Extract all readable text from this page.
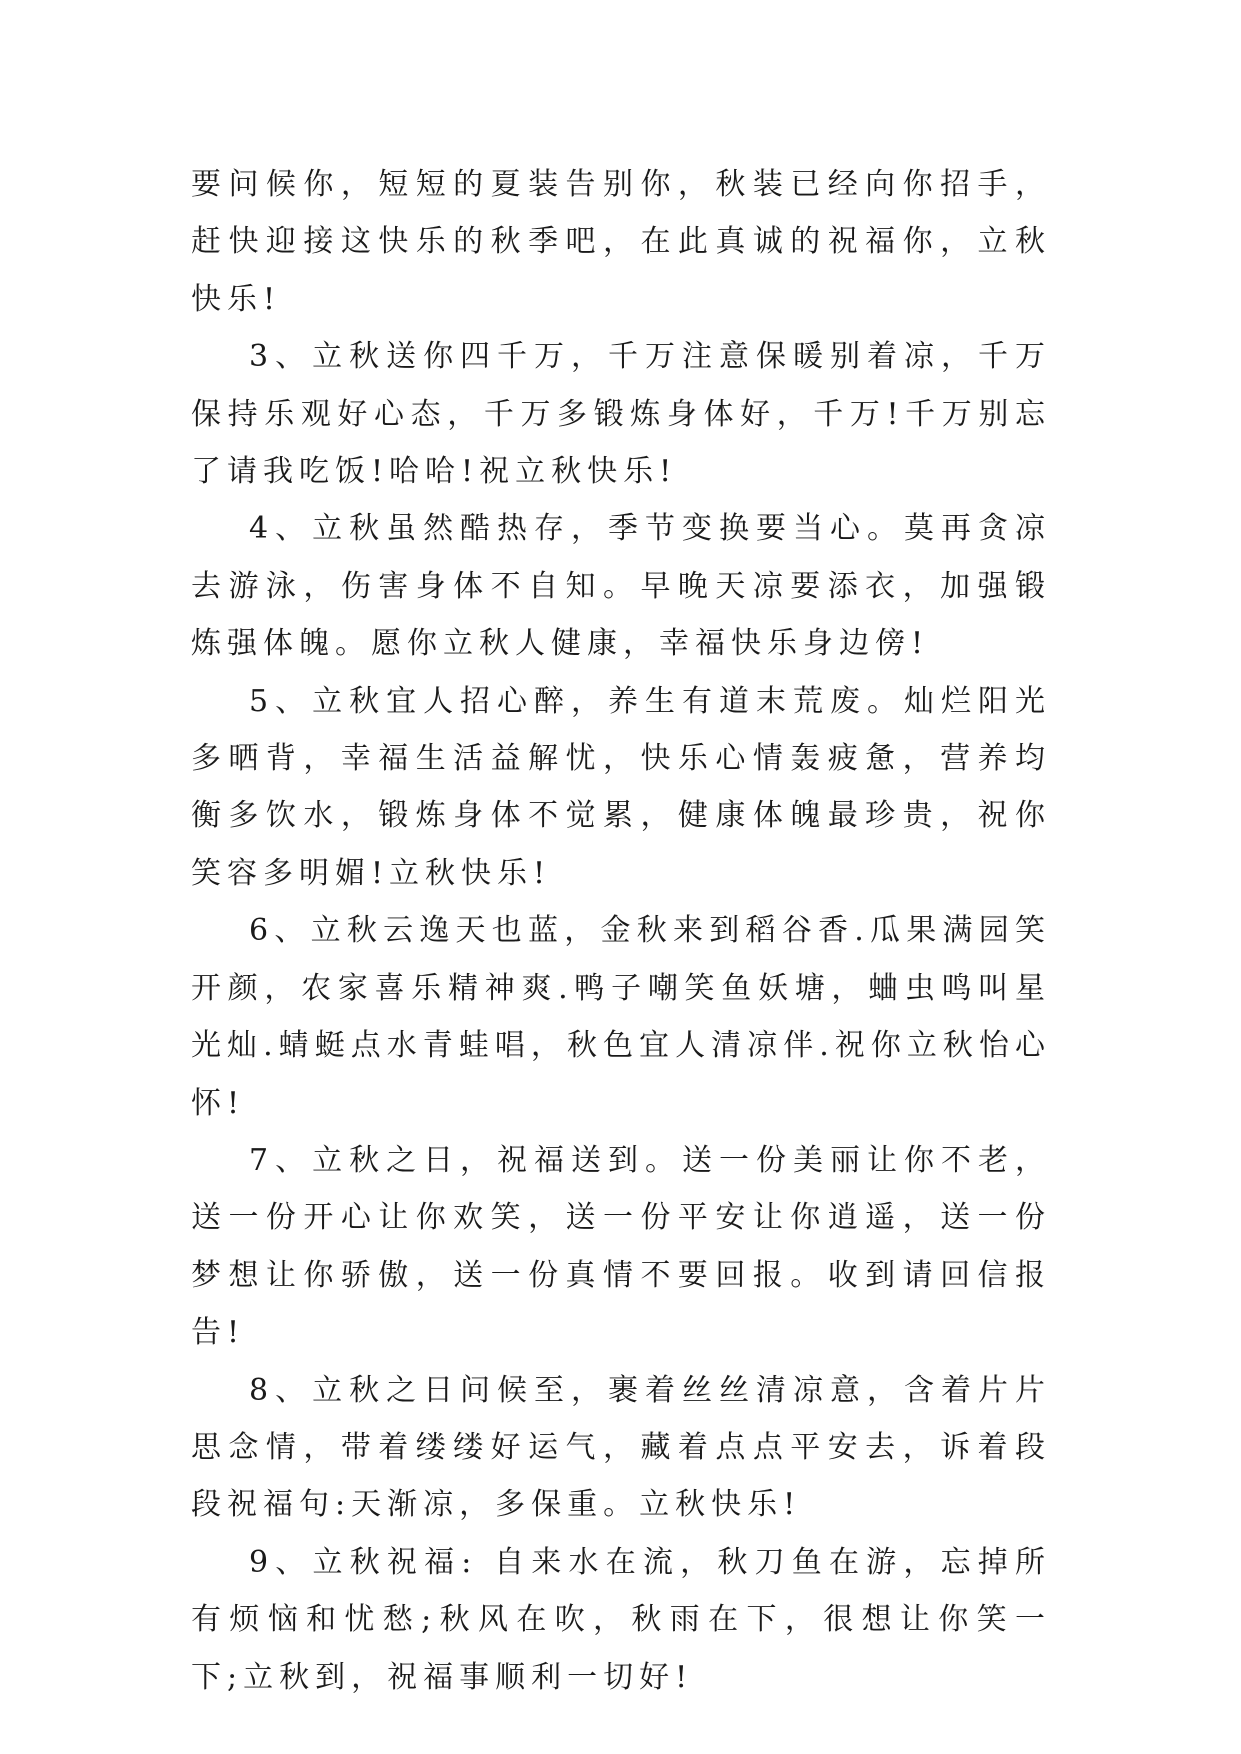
要问候你，短短的夏装告别你，秋装已经向你招手，赶快迎接这快乐的秋季吧，在此真诚的祝福你，立秋快乐!

3、立秋送你四千万，千万注意保暖别着凉，千万保持乐观好心态，千万多锻炼身体好，千万!千万别忘了请我吃饭!哈哈!祝立秋快乐!

4、立秋虽然酷热存，季节变换要当心。莫再贪凉去游泳，伤害身体不自知。早晚天凉要添衣，加强锻炼强体魄。愿你立秋人健康，幸福快乐身边傍!

5、立秋宜人招心醉，养生有道末荒废。灿烂阳光多晒背，幸福生活益解忧，快乐心情轰疲惫，营养均衡多饮水，锻炼身体不觉累，健康体魄最珍贵，祝你笑容多明媚!立秋快乐!

6、立秋云逸天也蓝，金秋来到稻谷香.瓜果满园笑开颜，农家喜乐精神爽.鸭子嘲笑鱼妖塘，蛐虫鸣叫星光灿.蜻蜓点水青蛙唱，秋色宜人清凉伴.祝你立秋怡心怀!

7、立秋之日，祝福送到。送一份美丽让你不老，送一份开心让你欢笑，送一份平安让你逍遥，送一份梦想让你骄傲，送一份真情不要回报。收到请回信报告!

8、立秋之日问候至，裹着丝丝清凉意，含着片片思念情，带着缕缕好运气，藏着点点平安去，诉着段段祝福句:天渐凉，多保重。立秋快乐!

9、立秋祝福: 自来水在流，秋刀鱼在游，忘掉所有烦恼和忧愁;秋风在吹，秋雨在下，很想让你笑一下;立秋到，祝福事顺利一切好!
